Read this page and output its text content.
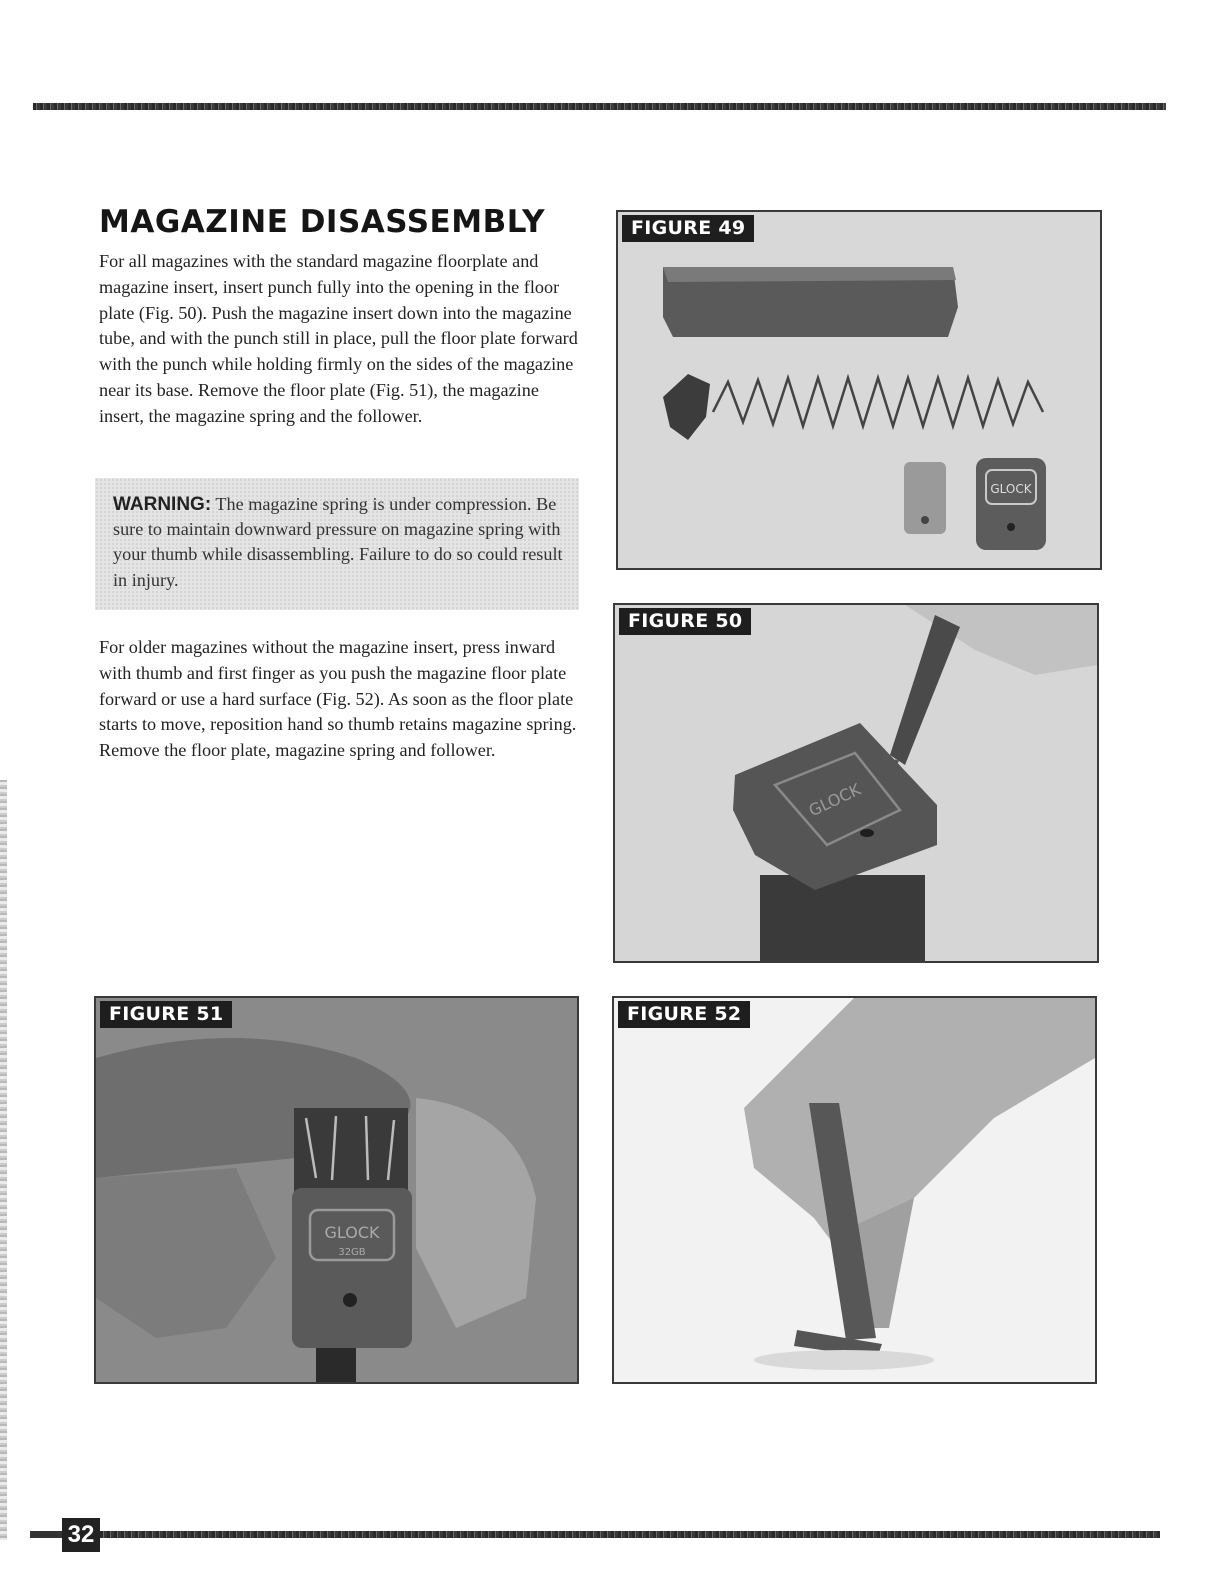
MAGAZINE DISASSEMBLY

For all magazines with the standard magazine floorplate and magazine insert, insert punch fully into the opening in the floor plate (Fig. 50). Push the magazine insert down into the magazine tube, and with the punch still in place, pull the floor plate forward with the punch while holding firmly on the sides of the magazine near its base. Remove the floor plate (Fig. 51), the magazine insert, the magazine spring and the follower.

WARNING: The magazine spring is under compression. Be sure to maintain downward pressure on magazine spring with your thumb while disassembling. Failure to do so could result in injury.

For older magazines without the magazine insert, press inward with thumb and first finger as you push the magazine floor plate forward or use a hard surface (Fig. 52). As soon as the floor plate starts to move, reposition hand so thumb retains magazine spring. Remove the floor plate, magazine spring and follower.

FIGURE 49
GLOCK
FIGURE 50
GLOCK
FIGURE 51
GLOCK
32GB
FIGURE 52
32
